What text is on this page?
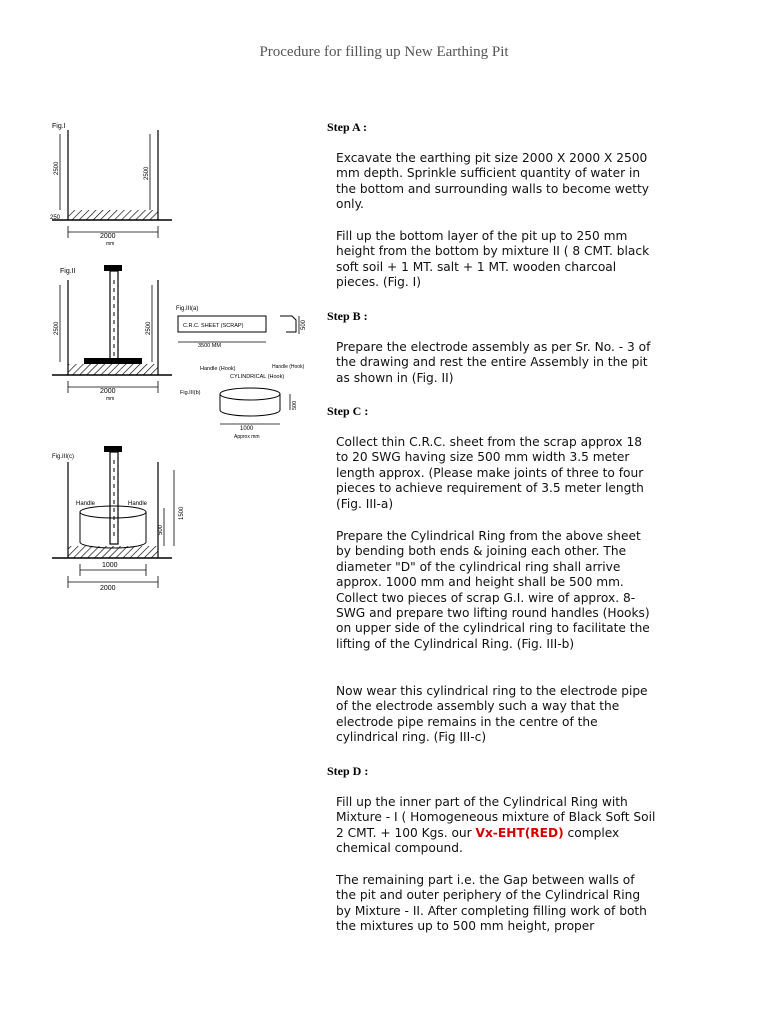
Procedure for filling up New Earthing Pit
Fig.I
2500	2500
250
2000
mm
Fig.II
2500	2500
2000
mm
Fig.III(a)
C.R.C. SHEET (SCRAP)	500
3500 MM
Handle (Hook)
CYLINDRICAL (Hook)
Handle (Hook)
Fig.III(b)
500
1000
Approx mm
Fig.III(c)
Handle	Handle
500
1500
1000
2000
Step A :

Excavate the earthing pit size 2000 X 2000 X 2500 mm depth. Sprinkle sufficient quantity of water in the bottom and surrounding walls to become wetty only.

Fill up the bottom layer of the pit up to 250 mm height from the bottom by mixture II ( 8 CMT. black soft soil + 1 MT. salt + 1 MT. wooden charcoal pieces. (Fig. I)

Step B :

Prepare the electrode assembly as per Sr. No. - 3 of the drawing and rest the entire Assembly in the pit as shown in (Fig. II)

Step C :

Collect thin C.R.C. sheet from the scrap approx 18 to 20 SWG having size 500 mm width 3.5 meter length approx. (Please make joints of three to four pieces to achieve requirement of 3.5 meter length (Fig. III-a)

Prepare the Cylindrical Ring from the above sheet by bending both ends & joining each other. The diameter "D" of the cylindrical ring shall arrive approx. 1000 mm and height shall be 500 mm. Collect two pieces of scrap G.I. wire of approx. 8-SWG and prepare two lifting round handles (Hooks) on upper side of the cylindrical ring to facilitate the lifting of the Cylindrical Ring. (Fig. III-b)

Now wear this cylindrical ring to the electrode pipe of the electrode assembly such a way that the electrode pipe remains in the centre of the cylindrical ring. (Fig III-c)

Step D :

Fill up the inner part of the Cylindrical Ring with Mixture - I ( Homogeneous mixture of Black Soft Soil 2 CMT. + 100 Kgs. our Vx-EHT(RED) complex chemical compound.

The remaining part i.e. the Gap between walls of the pit and outer periphery of the Cylindrical Ring by Mixture - II. After completing filling work of both the mixtures up to 500 mm height, proper
